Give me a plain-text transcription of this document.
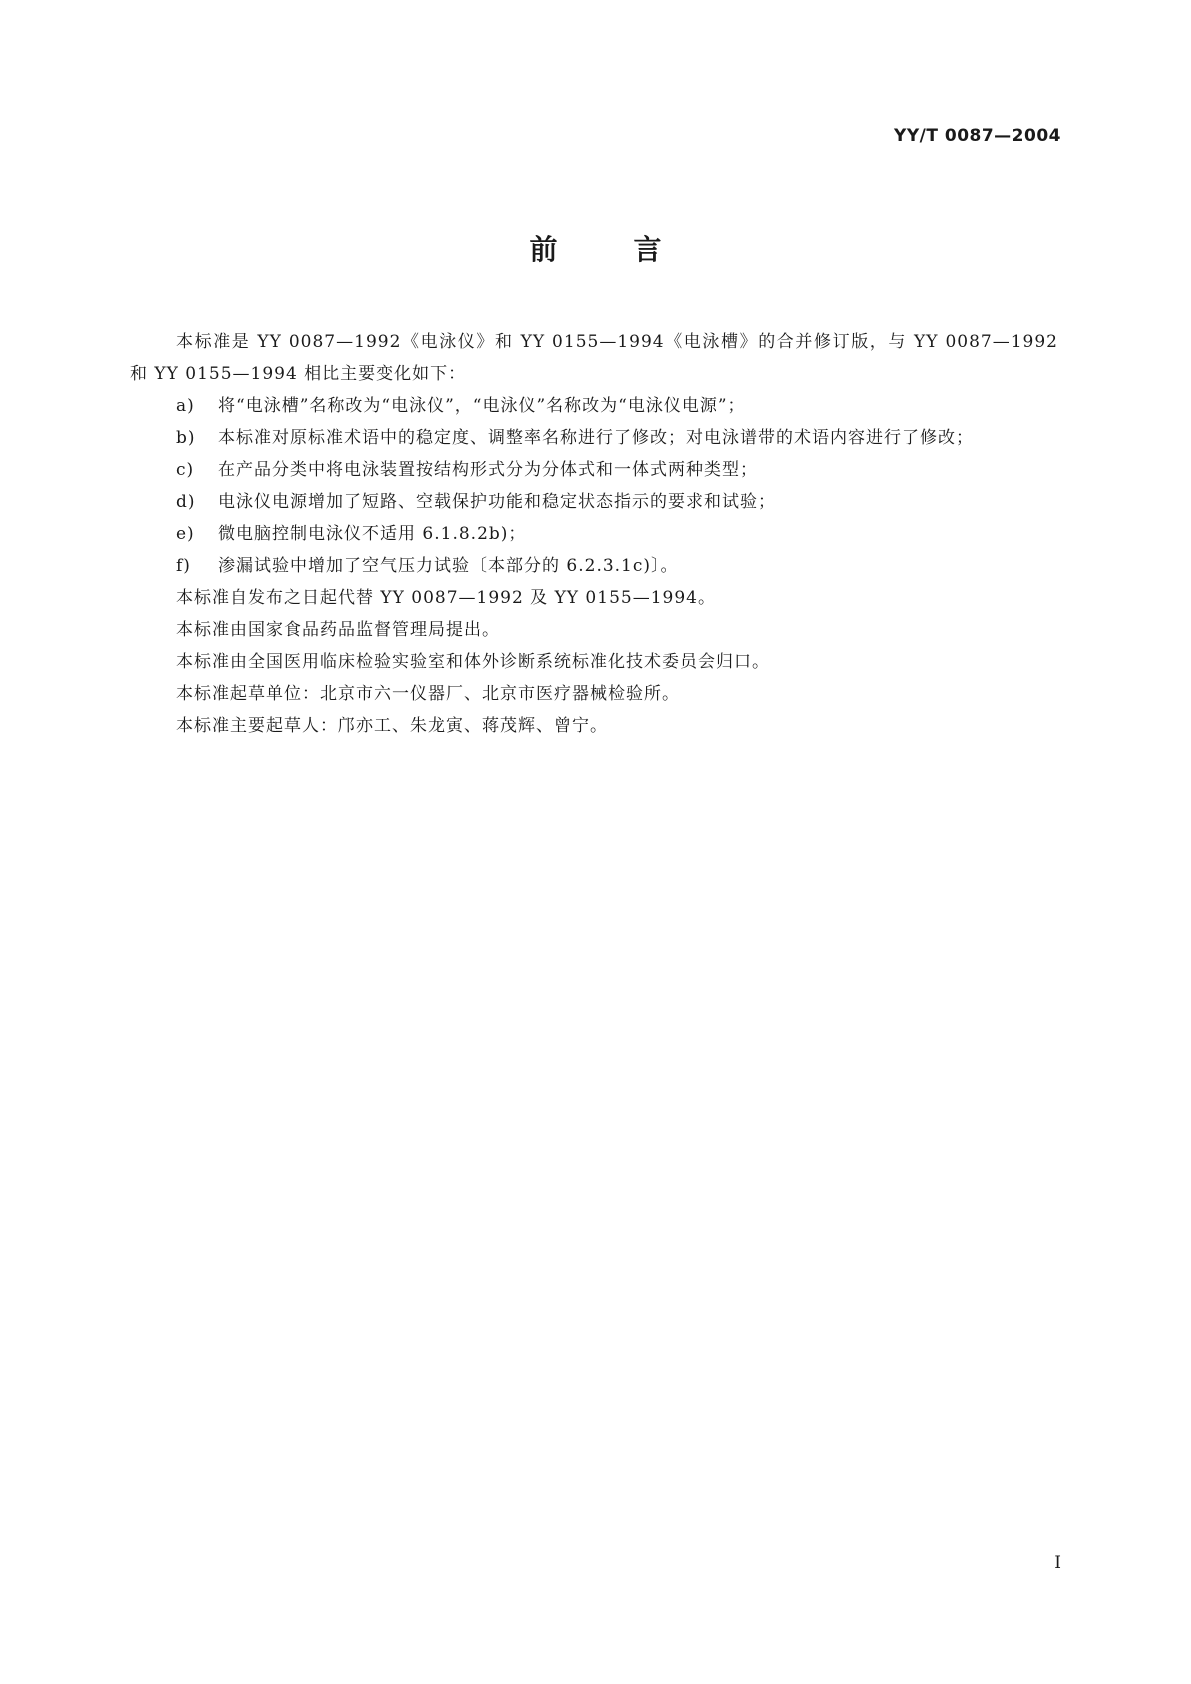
YY/T 0087—2004
前	言

本标准是 YY 0087—1992《电泳仪》和 YY 0155—1994《电泳槽》的合并修订版，与 YY 0087—1992 和 YY 0155—1994 相比主要变化如下：

a) 将“电泳槽”名称改为“电泳仪”，“电泳仪”名称改为“电泳仪电源”；

b) 本标准对原标准术语中的稳定度、调整率名称进行了修改；对电泳谱带的术语内容进行了修改；

c) 在产品分类中将电泳装置按结构形式分为分体式和一体式两种类型；

d) 电泳仪电源增加了短路、空载保护功能和稳定状态指示的要求和试验；

e) 微电脑控制电泳仪不适用 6.1.8.2b)；

f) 渗漏试验中增加了空气压力试验〔本部分的 6.2.3.1c)〕。

本标准自发布之日起代替 YY 0087—1992 及 YY 0155—1994。

本标准由国家食品药品监督管理局提出。

本标准由全国医用临床检验实验室和体外诊断系统标准化技术委员会归口。

本标准起草单位：北京市六一仪器厂、北京市医疗器械检验所。

本标准主要起草人：邝亦工、朱龙寅、蒋茂辉、曾宁。

I
